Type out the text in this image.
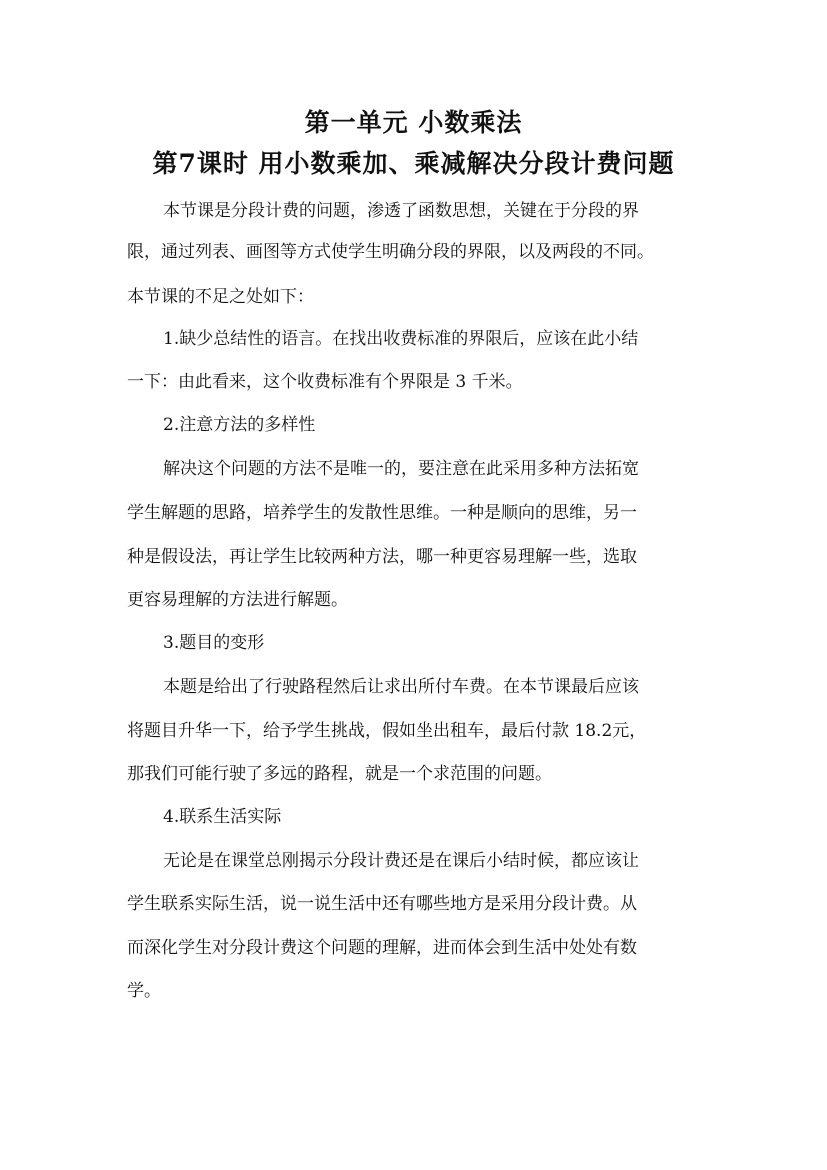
第一单元 小数乘法
第7课时 用小数乘加、乘减解决分段计费问题
本节课是分段计费的问题，渗透了函数思想，关键在于分段的界
限，通过列表、画图等方式使学生明确分段的界限，以及两段的不同。
本节课的不足之处如下：
1.缺少总结性的语言。在找出收费标准的界限后，应该在此小结
一下：由此看来，这个收费标准有个界限是 3 千米。
2.注意方法的多样性
解决这个问题的方法不是唯一的，要注意在此采用多种方法拓宽
学生解题的思路，培养学生的发散性思维。一种是顺向的思维，另一
种是假设法，再让学生比较两种方法，哪一种更容易理解一些，选取
更容易理解的方法进行解题。
3.题目的变形
本题是给出了行驶路程然后让求出所付车费。在本节课最后应该
将题目升华一下，给予学生挑战，假如坐出租车，最后付款 18.2元，
那我们可能行驶了多远的路程，就是一个求范围的问题。
4.联系生活实际
无论是在课堂总刚揭示分段计费还是在课后小结时候，都应该让
学生联系实际生活，说一说生活中还有哪些地方是采用分段计费。从
而深化学生对分段计费这个问题的理解，进而体会到生活中处处有数
学。
